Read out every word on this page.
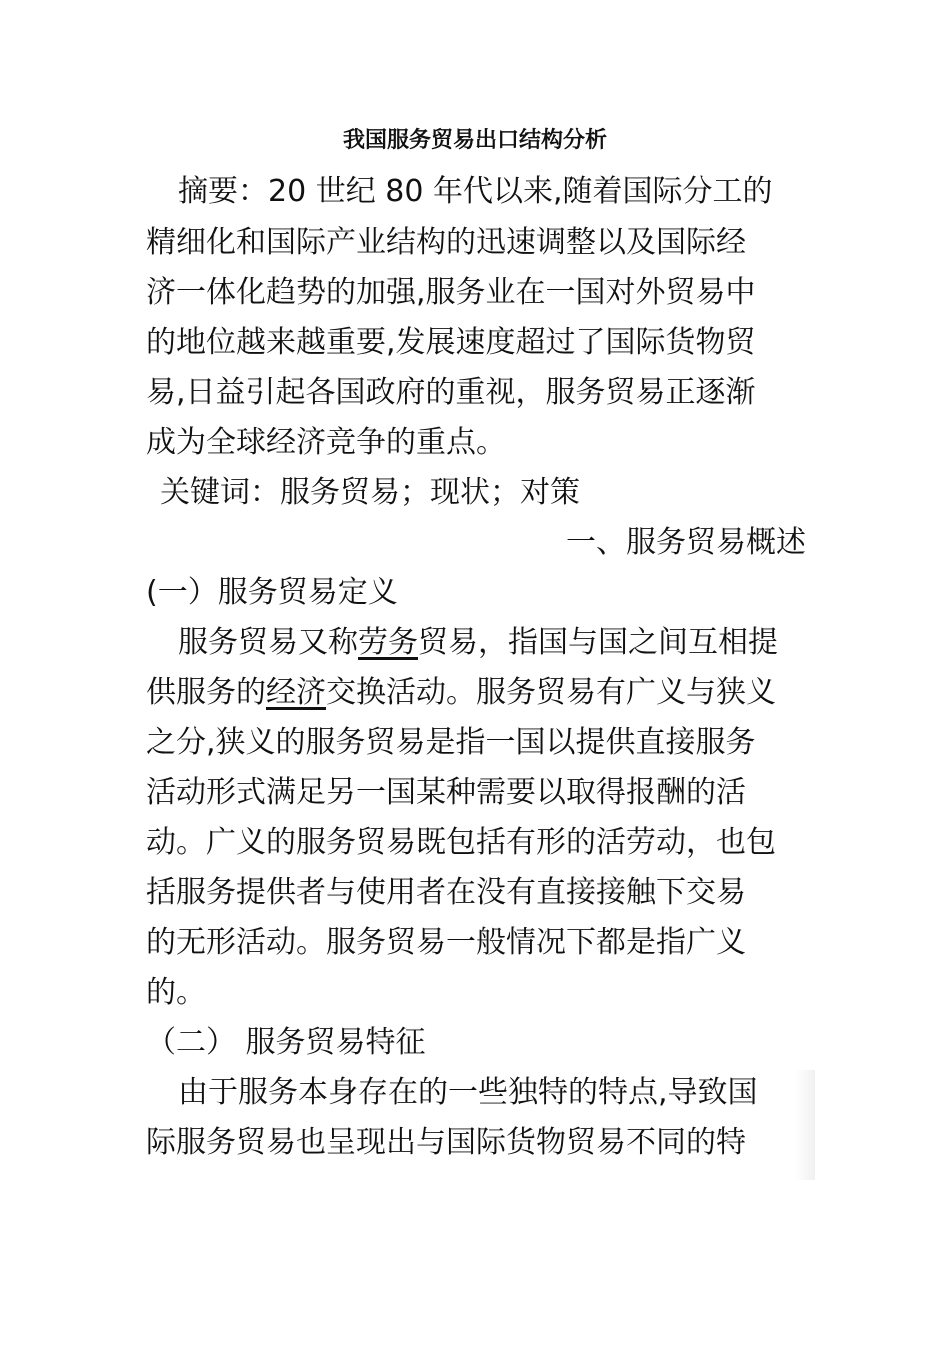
我国服务贸易出口结构分析
摘要：20 世纪 80 年代以来,随着国际分工的
精细化和国际产业结构的迅速调整以及国际经
济一体化趋势的加强,服务业在一国对外贸易中
的地位越来越重要,发展速度超过了国际货物贸
易,日益引起各国政府的重视，服务贸易正逐渐
成为全球经济竞争的重点。
关键词：服务贸易；现状；对策
一、服务贸易概述
(一）服务贸易定义
服务贸易又称劳务贸易，指国与国之间互相提
供服务的经济交换活动。服务贸易有广义与狭义
之分,狭义的服务贸易是指一国以提供直接服务
活动形式满足另一国某种需要以取得报酬的活
动。广义的服务贸易既包括有形的活劳动，也包
括服务提供者与使用者在没有直接接触下交易
的无形活动。服务贸易一般情况下都是指广义
的。
（二） 服务贸易特征
由于服务本身存在的一些独特的特点,导致国
际服务贸易也呈现出与国际货物贸易不同的特
